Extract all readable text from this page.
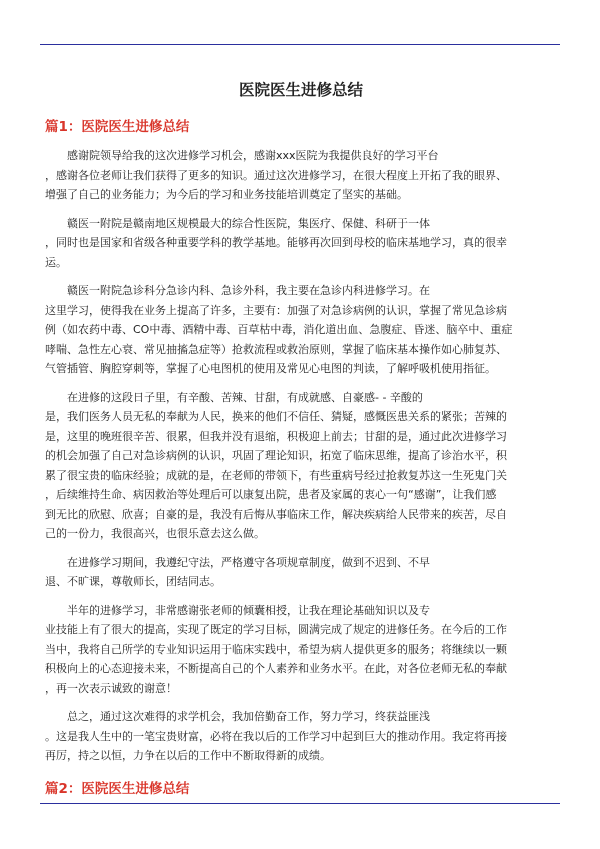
医院医生进修总结
篇1：医院医生进修总结

感谢院领导给我的这次进修学习机会，感谢xxx医院为我提供良好的学习平台
，感谢各位老师让我们获得了更多的知识。通过这次进修学习，在很大程度上开拓了我的眼界、
增强了自己的业务能力；为今后的学习和业务技能培训奠定了坚实的基础。

赣医一附院是赣南地区规模最大的综合性医院，集医疗、保健、科研于一体
，同时也是国家和省级各种重要学科的教学基地。能够再次回到母校的临床基地学习，真的很幸
运。

赣医一附院急诊科分急诊内科、急诊外科，我主要在急诊内科进修学习。在
这里学习，使得我在业务上提高了许多，主要有：加强了对急诊病例的认识，掌握了常见急诊病
例（如农药中毒、CO中毒、酒精中毒、百草枯中毒，消化道出血、急腹症、昏迷、脑卒中、重症
哮喘、急性左心衰、常见抽搐急症等）抢救流程或救治原则，掌握了临床基本操作如心肺复苏、
气管插管、胸腔穿刺等，掌握了心电图机的使用及常见心电图的判读，了解呼吸机使用指征。

在进修的这段日子里，有辛酸、苦辣、甘甜，有成就感、自豪感- - 辛酸的
是，我们医务人员无私的奉献为人民，换来的他们不信任、猜疑，感慨医患关系的紧张；苦辣的
是，这里的晚班很辛苦、很累，但我并没有退缩，积极迎上前去；甘甜的是，通过此次进修学习
的机会加强了自己对急诊病例的认识，巩固了理论知识，拓宽了临床思维，提高了诊治水平，积
累了很宝贵的临床经验；成就的是，在老师的带领下，有些重病号经过抢救复苏这一生死鬼门关
，后续维持生命、病因救治等处理后可以康复出院，患者及家属的衷心一句“感谢”，让我们感
到无比的欣慰、欣喜；自豪的是，我没有后悔从事临床工作，解决疾病给人民带来的疾苦，尽自
己的一份力，我很高兴，也很乐意去这么做。

在进修学习期间，我遵纪守法，严格遵守各项规章制度，做到不迟到、不早
退、不旷课，尊敬师长，团结同志。

半年的进修学习，非常感谢张老师的倾囊相授，让我在理论基础知识以及专
业技能上有了很大的提高，实现了既定的学习目标，圆满完成了规定的进修任务。在今后的工作
当中，我将自己所学的专业知识运用于临床实践中，希望为病人提供更多的服务；将继续以一颗
积极向上的心态迎接未来，不断提高自己的个人素养和业务水平。在此，对各位老师无私的奉献
，再一次表示诚致的谢意！

总之，通过这次难得的求学机会，我加倍勤奋工作，努力学习，终获益匪浅
。这是我人生中的一笔宝贵财富，必将在我以后的工作学习中起到巨大的推动作用。我定将再接
再厉，持之以恒，力争在以后的工作中不断取得新的成绩。

篇2：医院医生进修总结
